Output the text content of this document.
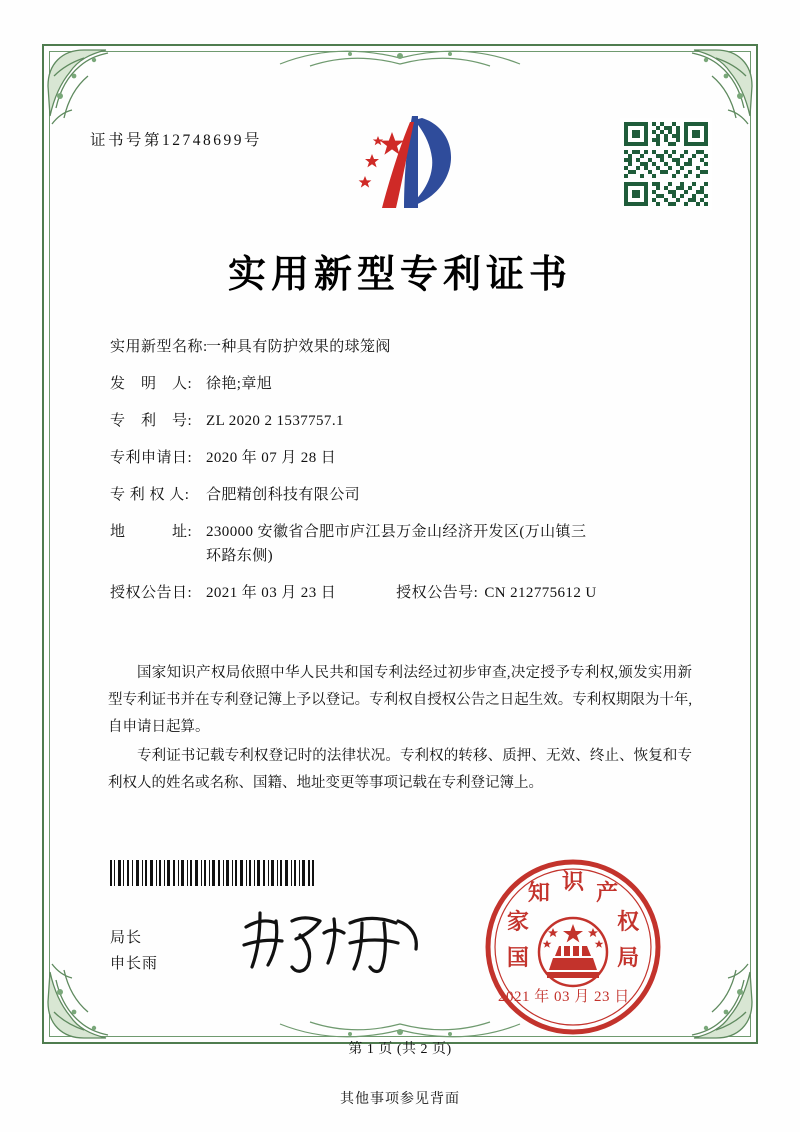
证书号第12748699号
实用新型专利证书
实用新型名称:
一种具有防护效果的球笼阀
发　明　人: 徐艳;章旭
专　利　号: ZL 2020 2 1537757.1
专利申请日: 2020 年 07 月 28 日
专 利 权 人:	合肥精创科技有限公司
地　　　址: 230000 安徽省合肥市庐江县万金山经济开发区(万山镇三
环路东侧)
授权公告日: 2021 年 03 月 23 日	授权公告号: CN 212775612 U

国家知识产权局依照中华人民共和国专利法经过初步审查,决定授予专利权,颁发实用新型专利证书并在专利登记簿上予以登记。专利权自授权公告之日起生效。专利权期限为十年,自申请日起算。

专利证书记载专利权登记时的法律状况。专利权的转移、质押、无效、终止、恢复和专利权人的姓名或名称、国籍、地址变更等事项记载在专利登记簿上。

局长
申长雨	国
家
知 识 产
权
局
2021 年 03 月 23 日
第 1 页 (共 2 页)
其他事项参见背面
